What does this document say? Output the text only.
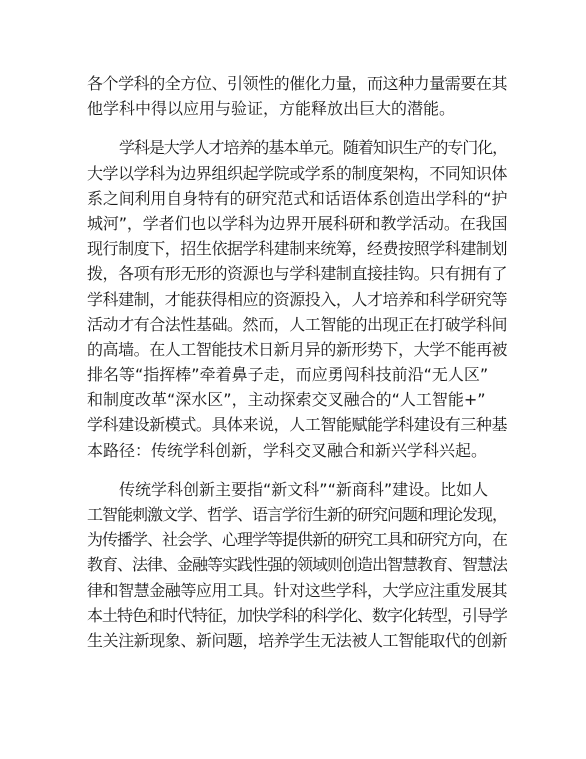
各个学科的全方位、引领性的催化力量，而这种力量需要在其
他学科中得以应用与验证，方能释放出巨大的潜能。
学科是大学人才培养的基本单元。随着知识生产的专门化，
大学以学科为边界组织起学院或学系的制度架构，不同知识体
系之间利用自身特有的研究范式和话语体系创造出学科的“护
城河”，学者们也以学科为边界开展科研和教学活动。在我国
现行制度下，招生依据学科建制来统筹，经费按照学科建制划
拨，各项有形无形的资源也与学科建制直接挂钩。只有拥有了
学科建制，才能获得相应的资源投入，人才培养和科学研究等
活动才有合法性基础。然而，人工智能的出现正在打破学科间
的高墙。在人工智能技术日新月异的新形势下，大学不能再被
排名等“指挥棒”牵着鼻子走，而应勇闯科技前沿“无人区”
和制度改革“深水区”，主动探索交叉融合的“人工智能+”
学科建设新模式。具体来说，人工智能赋能学科建设有三种基
本路径：传统学科创新，学科交叉融合和新兴学科兴起。
传统学科创新主要指“新文科”“新商科”建设。比如人
工智能刺激文学、哲学、语言学衍生新的研究问题和理论发现，
为传播学、社会学、心理学等提供新的研究工具和研究方向，在
教育、法律、金融等实践性强的领域则创造出智慧教育、智慧法
律和智慧金融等应用工具。针对这些学科，大学应注重发展其
本土特色和时代特征，加快学科的科学化、数字化转型，引导学
生关注新现象、新问题，培养学生无法被人工智能取代的创新
